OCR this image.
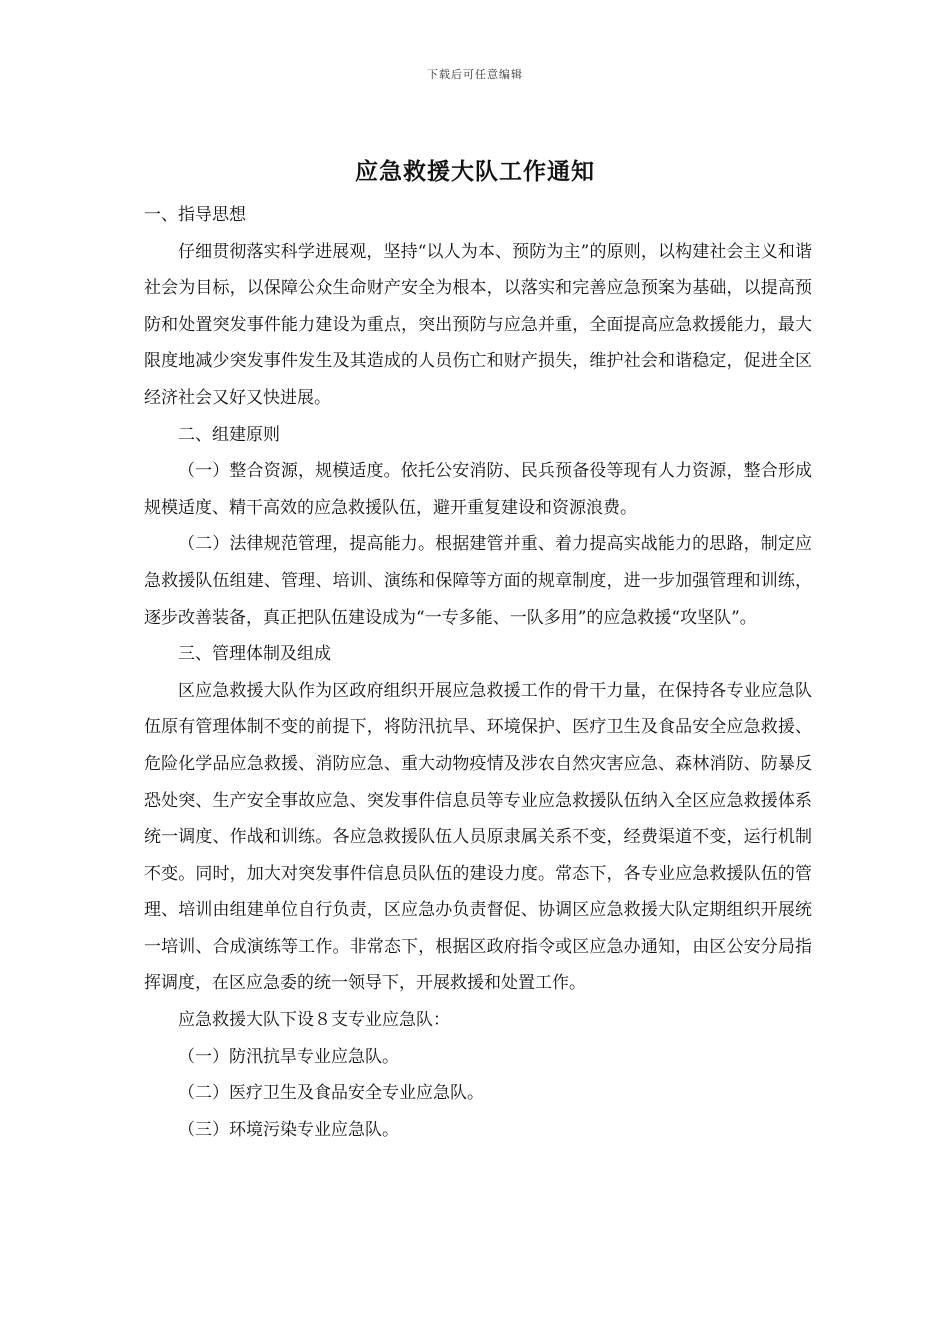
下载后可任意编辑
应急救援大队工作通知

一、指导思想

仔细贯彻落实科学进展观，坚持“以人为本、预防为主”的原则，以构建社会主义和谐社会为目标，以保障公众生命财产安全为根本，以落实和完善应急预案为基础，以提高预防和处置突发事件能力建设为重点，突出预防与应急并重，全面提高应急救援能力，最大限度地减少突发事件发生及其造成的人员伤亡和财产损失，维护社会和谐稳定，促进全区经济社会又好又快进展。

二、组建原则

（一）整合资源，规模适度。依托公安消防、民兵预备役等现有人力资源，整合形成规模适度、精干高效的应急救援队伍，避开重复建设和资源浪费。

（二）法律规范管理，提高能力。根据建管并重、着力提高实战能力的思路，制定应急救援队伍组建、管理、培训、演练和保障等方面的规章制度，进一步加强管理和训练，逐步改善装备，真正把队伍建设成为“一专多能、一队多用”的应急救援“攻坚队”。

三、管理体制及组成

区应急救援大队作为区政府组织开展应急救援工作的骨干力量，在保持各专业应急队伍原有管理体制不变的前提下，将防汛抗旱、环境保护、医疗卫生及食品安全应急救援、危险化学品应急救援、消防应急、重大动物疫情及涉农自然灾害应急、森林消防、防暴反恐处突、生产安全事故应急、突发事件信息员等专业应急救援队伍纳入全区应急救援体系统一调度、作战和训练。各应急救援队伍人员原隶属关系不变，经费渠道不变，运行机制不变。同时，加大对突发事件信息员队伍的建设力度。常态下，各专业应急救援队伍的管理、培训由组建单位自行负责，区应急办负责督促、协调区应急救援大队定期组织开展统一培训、合成演练等工作。非常态下，根据区政府指令或区应急办通知，由区公安分局指挥调度，在区应急委的统一领导下，开展救援和处置工作。

应急救援大队下设８支专业应急队：

（一）防汛抗旱专业应急队。

（二）医疗卫生及食品安全专业应急队。

（三）环境污染专业应急队。
